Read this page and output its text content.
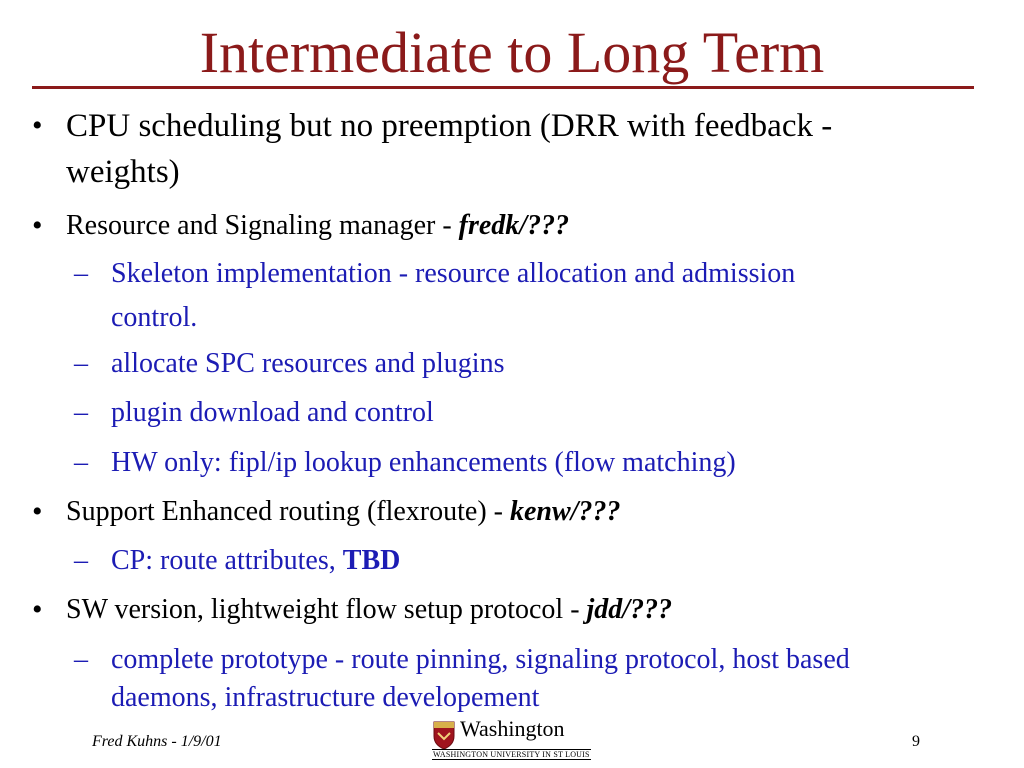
Intermediate to Long Term
• CPU scheduling but no preemption (DRR with feedback -
weights)
• Resource and Signaling manager - fredk/???
– Skeleton implementation - resource allocation and admission
control.
– allocate SPC resources and plugins
– plugin download and control
– HW only: fipl/ip lookup enhancements (flow matching)
• Support Enhanced routing (flexroute) - kenw/???
– CP: route attributes, TBD
• SW version, lightweight flow setup protocol - jdd/???
– complete prototype - route pinning, signaling protocol, host based
daemons, infrastructure developement
Fred Kuhns - 1/9/01
Washington
WASHINGTON UNIVERSITY IN ST LOUIS
9
